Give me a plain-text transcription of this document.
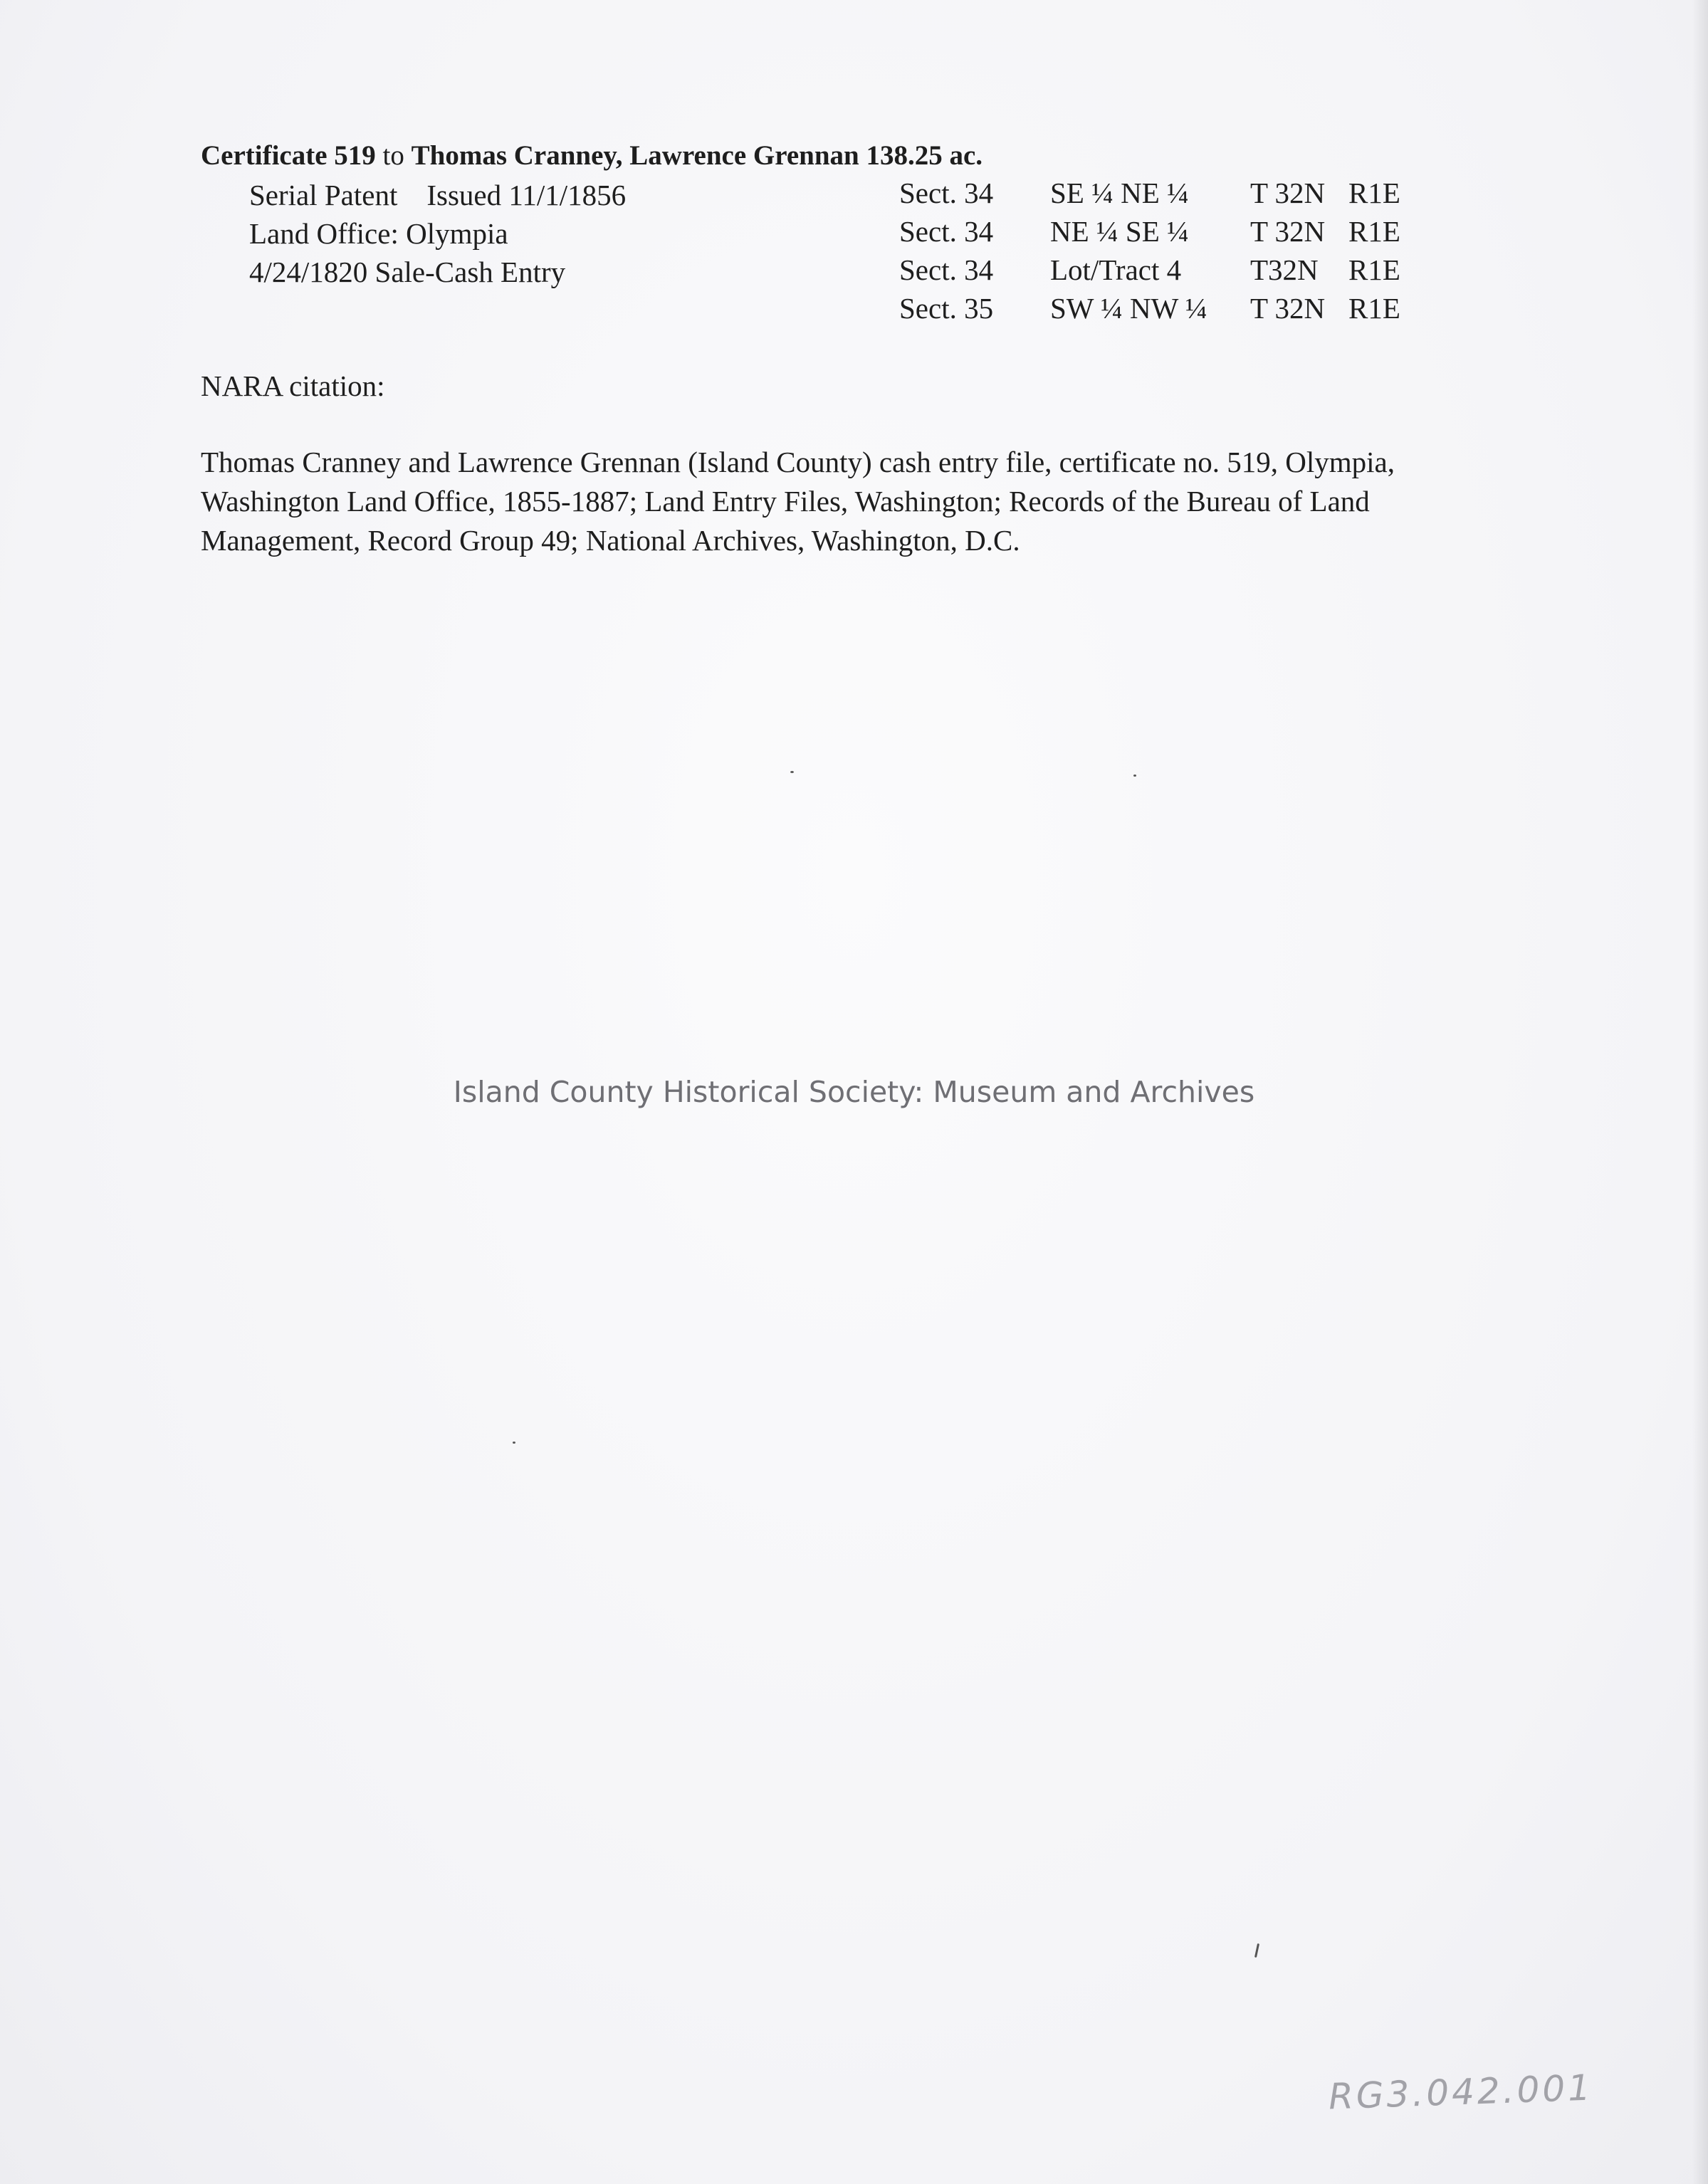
Certificate 519 to Thomas Cranney, Lawrence Grennan 138.25 ac.
Serial Patent    Issued 11/1/1856
Land Office: Olympia
4/24/1820 Sale-Cash Entry
Sect. 34	SE ¼ NE ¼	T 32N	R1E
Sect. 34	NE ¼ SE ¼	T 32N	R1E
Sect. 34	Lot/Tract 4	T32N	R1E
Sect. 35	SW ¼ NW ¼	T 32N	R1E
NARA citation:
Thomas Cranney and Lawrence Grennan (Island County) cash entry file, certificate no. 519, Olympia, Washington Land Office, 1855-1887; Land Entry Files, Washington; Records of the Bureau of Land Management, Record Group 49; National Archives, Washington, D.C.
Island County Historical Society: Museum and Archives
RG3.042.001
